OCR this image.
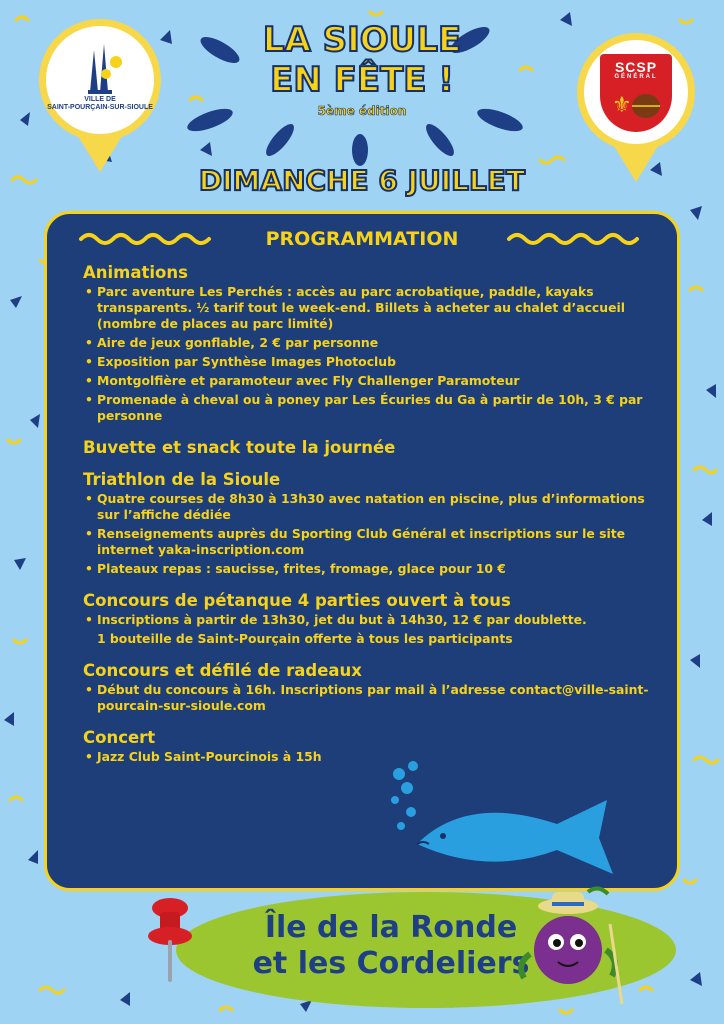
VILLE DE
SAINT-POURÇAIN-SUR-SIOULE
SCSP
GÉNÉRAL
⚜
LA SIOULE
EN FÊTE !
5ème édition
DIMANCHE 6 JUILLET
PROGRAMMATION
Animations
• Parc aventure Les Perchés : accès au parc acrobatique, paddle, kayaks transparents. ½ tarif tout le week-end. Billets à acheter au chalet d’accueil (nombre de places au parc limité)
• Aire de jeux gonflable, 2 € par personne
• Exposition par Synthèse Images Photoclub
• Montgolfière et paramoteur avec Fly Challenger Paramoteur
• Promenade à cheval ou à poney par Les Écuries du Ga à partir de 10h, 3 € par personne
Buvette et snack toute la journée
Triathlon de la Sioule
• Quatre courses de 8h30 à 13h30 avec natation en piscine, plus d’informations sur l’affiche dédiée
• Renseignements auprès du Sporting Club Général et inscriptions sur le site internet yaka-inscription.com
• Plateaux repas : saucisse, frites, fromage, glace pour 10 €
Concours de pétanque 4 parties ouvert à tous
• Inscriptions à partir de 13h30, jet du but à 14h30, 12 € par doublette.
1 bouteille de Saint-Pourçain offerte à tous les participants
Concours et défilé de radeaux
• Début du concours à 16h. Inscriptions par mail à l’adresse contact@ville-saint-pourcain-sur-sioule.com
Concert
• Jazz Club Saint-Pourcinois à 15h
Île de la Ronde
et les Cordeliers
